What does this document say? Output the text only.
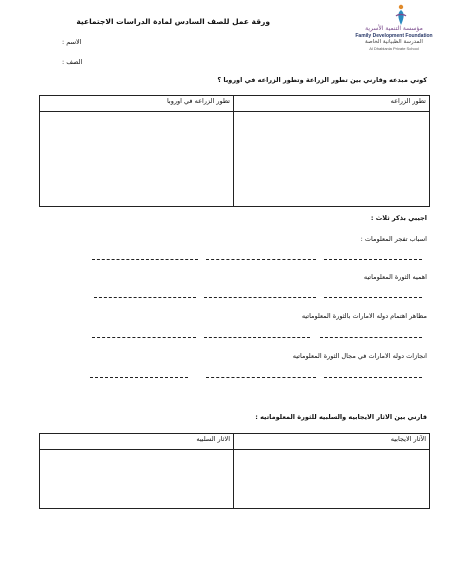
ورقة عمل للصف السادس لمادة الدراسات الاجتماعية
مؤسسة التنمية الأسرية
Family Development Foundation
المدرسة الظبيانية الخاصة
Al Dhabiania Private School
الاسم :
الصف :
كوني مبدعه وقارني بين تطور الزراعة وتطور الزراعه في اوروبا ؟
تطور الزراعه في اوروبا	تطور الزراعه

اجيبي بذكر ثلاث :
اسباب تفجر المعلومات :
اهميه الثورة المعلوماتيه
مظاهر اهتمام دوله الامارات بالثورة المعلوماتيه
انجازات دوله الامارات في مجال الثورة المعلوماتيه
قارني بين الاثار الايجابيه والسلبيه للثورة المعلوماتيه :
الاثار السلبيه	الآثار الايجابيه
